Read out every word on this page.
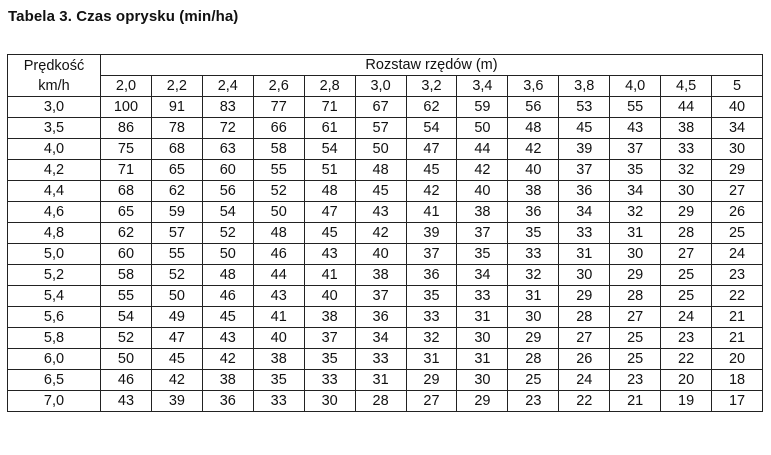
Tabela 3. Czas oprysku (min/ha)
Prędkość
km/h	Rozstaw rzędów (m)												
	2,0	2,2	2,4	2,6	2,8	3,0	3,2	3,4	3,6	3,8	4,0	4,5	5
3,0	100	91	83	77	71	67	62	59	56	53	55	44	40
3,5	86	78	72	66	61	57	54	50	48	45	43	38	34
4,0	75	68	63	58	54	50	47	44	42	39	37	33	30
4,2	71	65	60	55	51	48	45	42	40	37	35	32	29
4,4	68	62	56	52	48	45	42	40	38	36	34	30	27
4,6	65	59	54	50	47	43	41	38	36	34	32	29	26
4,8	62	57	52	48	45	42	39	37	35	33	31	28	25
5,0	60	55	50	46	43	40	37	35	33	31	30	27	24
5,2	58	52	48	44	41	38	36	34	32	30	29	25	23
5,4	55	50	46	43	40	37	35	33	31	29	28	25	22
5,6	54	49	45	41	38	36	33	31	30	28	27	24	21
5,8	52	47	43	40	37	34	32	30	29	27	25	23	21
6,0	50	45	42	38	35	33	31	31	28	26	25	22	20
6,5	46	42	38	35	33	31	29	30	25	24	23	20	18
7,0	43	39	36	33	30	28	27	29	23	22	21	19	17
